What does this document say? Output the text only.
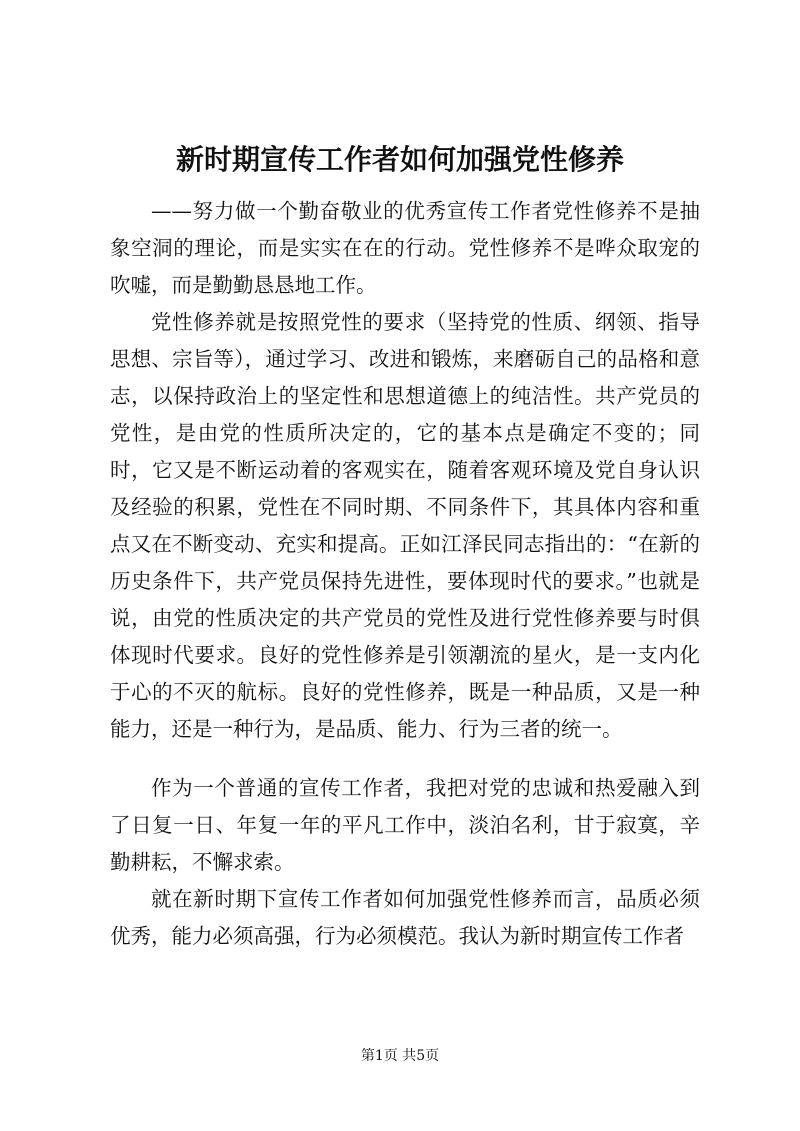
新时期宣传工作者如何加强党性修养
——努力做一个勤奋敬业的优秀宣传工作者党性修养不是抽象空洞的理论，而是实实在在的行动。党性修养不是哗众取宠的吹嘘，而是勤勤恳恳地工作。
党性修养就是按照党性的要求（坚持党的性质、纲领、指导思想、宗旨等），通过学习、改进和锻炼，来磨砺自己的品格和意志，以保持政治上的坚定性和思想道德上的纯洁性。共产党员的党性，是由党的性质所决定的，它的基本点是确定不变的；同时，它又是不断运动着的客观实在，随着客观环境及党自身认识及经验的积累，党性在不同时期、不同条件下，其具体内容和重点又在不断变动、充实和提高。正如江泽民同志指出的：“在新的历史条件下，共产党员保持先进性，要体现时代的要求。”也就是说，由党的性质决定的共产党员的党性及进行党性修养要与时俱体现时代要求。良好的党性修养是引领潮流的星火，是一支内化于心的不灭的航标。良好的党性修养，既是一种品质，又是一种能力，还是一种行为，是品质、能力、行为三者的统一。
作为一个普通的宣传工作者，我把对党的忠诚和热爱融入到了日复一日、年复一年的平凡工作中，淡泊名利，甘于寂寞，辛勤耕耘，不懈求索。
就在新时期下宣传工作者如何加强党性修养而言，品质必须优秀，能力必须高强，行为必须模范。我认为新时期宣传工作者
第1页 共5页
